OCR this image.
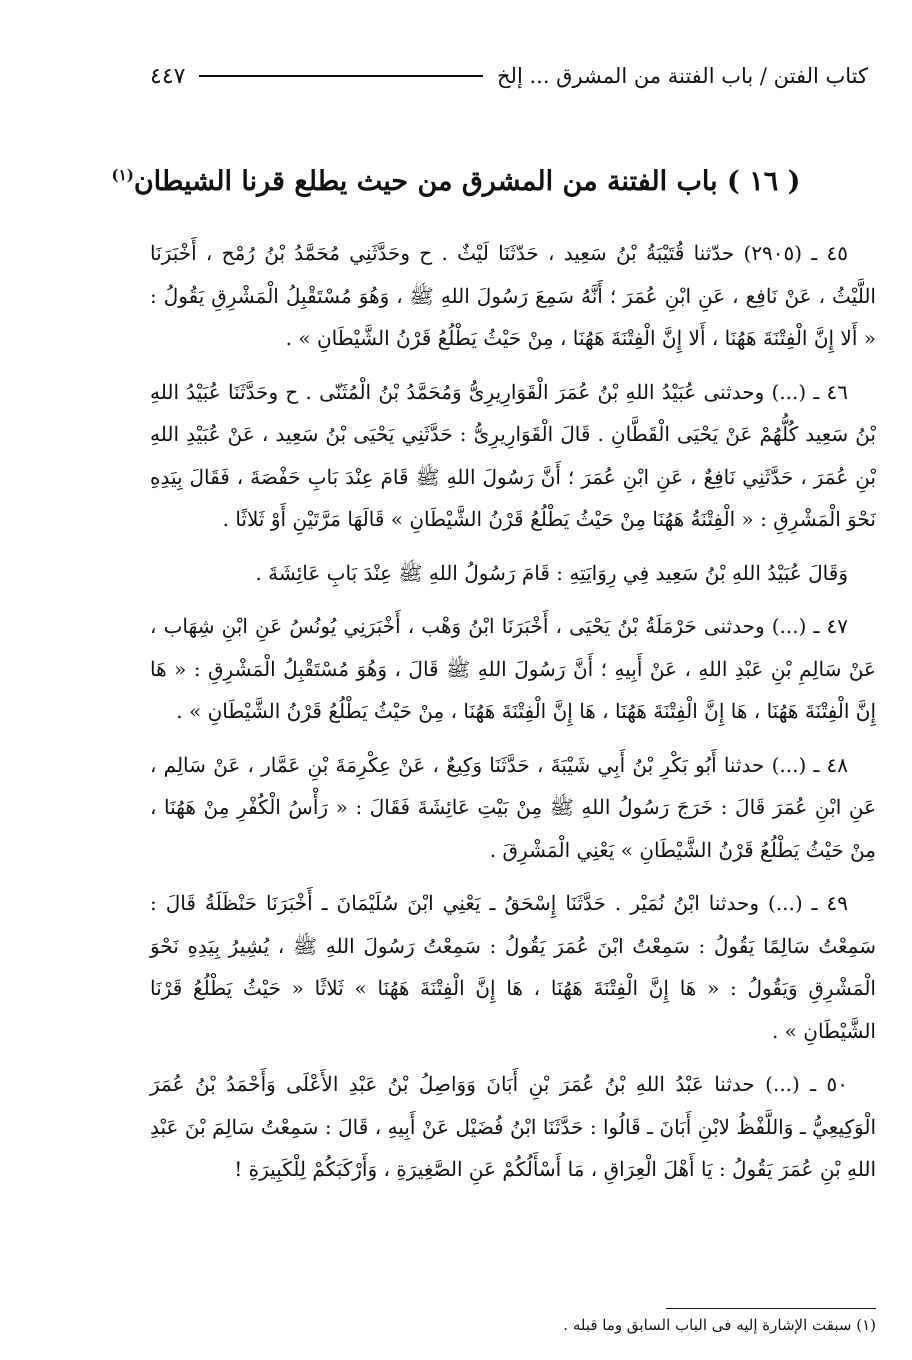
كتاب الفتن / باب الفتنة من المشرق ... إلخ
٤٤٧
( ١٦ ) باب الفتنة من المشرق من حيث يطلع قرنا الشيطان$^{(١)}$

٤٥ ـ (٢٩٠٥) حدّثنا قُتَيْبَةُ بْنُ سَعِيد ، حَدّثَنَا لَيْثٌ . ح وحَدَّثَنِي مُحَمَّدُ بْنُ رُمْح ، أَخْبَرَنَا اللَّيْثُ ، عَنْ نَافِع ، عَنِ ابْنِ عُمَرَ ؛ أَنَّهُ سَمِعَ رَسُولَ اللهِ ﷺ ، وَهُوَ مُسْتَقْبِلُ الْمَشْرِقِ يَقُولُ : « أَلا إِنَّ الْفِتْنَةَ هَهُنَا ، أَلا إِنَّ الْفِتْنَةَ هَهُنَا ، مِنْ حَيْثُ يَطْلُعُ قَرْنُ الشَّيْطَانِ » .

٤٦ ـ (...) وحدثنى عُبَيْدُ اللهِ بْنُ عُمَرَ الْقَوَارِيرِىُّ وَمُحَمَّدُ بْنُ الْمُثَنّى . ح وحَدَّثَنَا عُبَيْدُ اللهِ بْنُ سَعِيد كُلُّهُمْ عَنْ يَحْيَى الْقَطَّانِ . قَالَ الْقَوَارِيرِىُّ : حَدَّثَنِي يَحْيَى بْنُ سَعِيد ، عَنْ عُبَيْدِ اللهِ بْنِ عُمَرَ ، حَدَّثَنِي نَافِعٌ ، عَنِ ابْنِ عُمَرَ ؛ أَنَّ رَسُولَ اللهِ ﷺ قَامَ عِنْدَ بَابِ حَفْصَةَ ، فَقَالَ بِيَدِهِ نَحْوَ الْمَشْرِقِ : « الْفِتْنَةُ هَهُنَا مِنْ حَيْثُ يَطْلُعُ قَرْنُ الشَّيْطَانِ » قَالَهَا مَرَّتَيْنِ أَوْ ثَلاثًا .

وَقَالَ عُبَيْدُ اللهِ بْنُ سَعِيد فِي رِوَايَتِهِ : قَامَ رَسُولُ اللهِ ﷺ عِنْدَ بَابِ عَائِشَةَ .

٤٧ ـ (...) وحدثنى حَرْمَلَةُ بْنُ يَحْيَى ، أَخْبَرَنَا ابْنُ وَهْب ، أَخْبَرَنِي يُونُسُ عَنِ ابْنِ شِهَاب ، عَنْ سَالِمِ بْنِ عَبْدِ اللهِ ، عَنْ أَبِيهِ ؛ أَنَّ رَسُولَ اللهِ ﷺ قَالَ ، وَهُوَ مُسْتَقْبِلُ الْمَشْرِقِ : « هَا إِنَّ الْفِتْنَةَ هَهُنَا ، هَا إِنَّ الْفِتْنَةَ هَهُنَا ، هَا إِنَّ الْفِتْنَةَ هَهُنَا ، مِنْ حَيْثُ يَطْلُعُ قَرْنُ الشَّيْطَانِ » .

٤٨ ـ (...) حدثنا أَبُو بَكْرِ بْنُ أَبِي شَيْبَةَ ، حَدَّثَنَا وَكِيعٌ ، عَنْ عِكْرِمَةَ بْنِ عَمَّار ، عَنْ سَالِم ، عَنِ ابْنِ عُمَرَ قَالَ : خَرَجَ رَسُولُ اللهِ ﷺ مِنْ بَيْتِ عَائِشَةَ فَقَالَ : « رَأْسُ الْكُفْرِ مِنْ هَهُنَا ، مِنْ حَيْثُ يَطْلُعُ قَرْنُ الشَّيْطَانِ » يَعْنِي الْمَشْرِقَ .

٤٩ ـ (...) وحدثنا ابْنُ نُمَيْر . حَدَّثَنَا إِسْحَقُ ـ يَعْنِي ابْنَ سُلَيْمَانَ ـ أَخْبَرَنَا حَنْظَلَةُ قَالَ : سَمِعْتُ سَالِمًا يَقُولُ : سَمِعْتُ ابْنَ عُمَرَ يَقُولُ : سَمِعْتُ رَسُولَ اللهِ ﷺ ، يُشِيرُ بِيَدِهِ نَحْوَ الْمَشْرِقِ وَيَقُولُ : « هَا إِنَّ الْفِتْنَةَ هَهُنَا ، هَا إِنَّ الْفِتْنَةَ هَهُنَا » ثَلاثًا « حَيْثُ يَطْلُعُ قَرْنَا الشَّيْطَانِ » .

٥٠ ـ (...) حدثنا عَبْدُ اللهِ بْنُ عُمَرَ بْنِ أَبَانَ وَوَاصِلُ بْنُ عَبْدِ الأَعْلَى وَأَحْمَدُ بْنُ عُمَرَ الْوَكِيعِيُّ ـ وَاللَّفْظُ لابْنِ أَبَانَ ـ قَالُوا : حَدَّثَنَا ابْنُ فُضَيْل عَنْ أَبِيهِ ، قَالَ : سَمِعْتُ سَالِمَ بْنَ عَبْدِ اللهِ بْنِ عُمَرَ يَقُولُ : يَا أَهْلَ الْعِرَاقِ ، مَا أَسْأَلُكُمْ عَنِ الصَّغِيرَةِ ، وَأَرْكَبَكُمْ لِلْكَبِيرَةِ !

(١) سبقت الإشارة إليه فى الباب السابق وما قبله .
